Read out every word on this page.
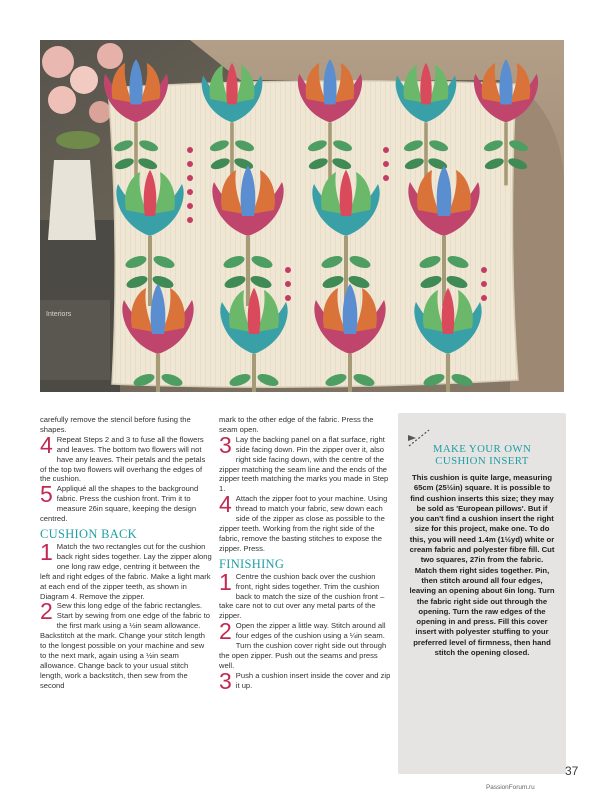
Interiors

carefully remove the stencil before fusing the shapes.

4 Repeat Steps 2 and 3 to fuse all the flowers and leaves. The bottom two flowers will not have any leaves. Their petals and the petals of the top two flowers will overhang the edges of the cushion.
5 Appliqué all the shapes to the background fabric. Press the cushion front. Trim it to measure 26in square, keeping the design centred.
CUSHION BACK
1 Match the two rectangles cut for the cushion back right sides together. Lay the zipper along one long raw edge, centring it between the left and right edges of the fabric. Make a light mark at each end of the zipper teeth, as shown in Diagram 4. Remove the zipper.
2 Sew this long edge of the fabric rectangles. Start by sewing from one edge of the fabric to the first mark using a ½in seam allowance. Backstitch at the mark. Change your stitch length to the longest possible on your machine and sew to the next mark, again using a ½in seam allowance. Change back to your usual stitch length, work a backstitch, then sew from the second

mark to the other edge of the fabric. Press the seam open.

3 Lay the backing panel on a flat surface, right side facing down. Pin the zipper over it, also right side facing down, with the centre of the zipper matching the seam line and the ends of the zipper teeth matching the marks you made in Step 1.
4 Attach the zipper foot to your machine. Using thread to match your fabric, sew down each side of the zipper as close as possible to the zipper teeth. Working from the right side of the fabric, remove the basting stitches to expose the zipper. Press.
FINISHING
1 Centre the cushion back over the cushion front, right sides together. Trim the cushion back to match the size of the cushion front – take care not to cut over any metal parts of the zipper.
2 Open the zipper a little way. Stitch around all four edges of the cushion using a ¼in seam. Turn the cushion cover right side out through the open zipper. Push out the seams and press well.
3 Push a cushion insert inside the cover and zip it up.
MAKE YOUR OWN
CUSHION INSERT
This cushion is quite large, measuring 65cm (25½in) square. It is possible to find cushion inserts this size; they may be sold as 'European pillows'. But if you can't find a cushion insert the right size for this project, make one. To do this, you will need 1.4m (1½yd) white or cream fabric and polyester fibre fill. Cut two squares, 27in from the fabric. Match them right sides together. Pin, then stitch around all four edges, leaving an opening about 6in long. Turn the fabric right side out through the opening. Turn the raw edges of the opening in and press. Fill this cover insert with polyester stuffing to your preferred level of firmness, then hand stitch the opening closed.
37
PassionForum.ru
